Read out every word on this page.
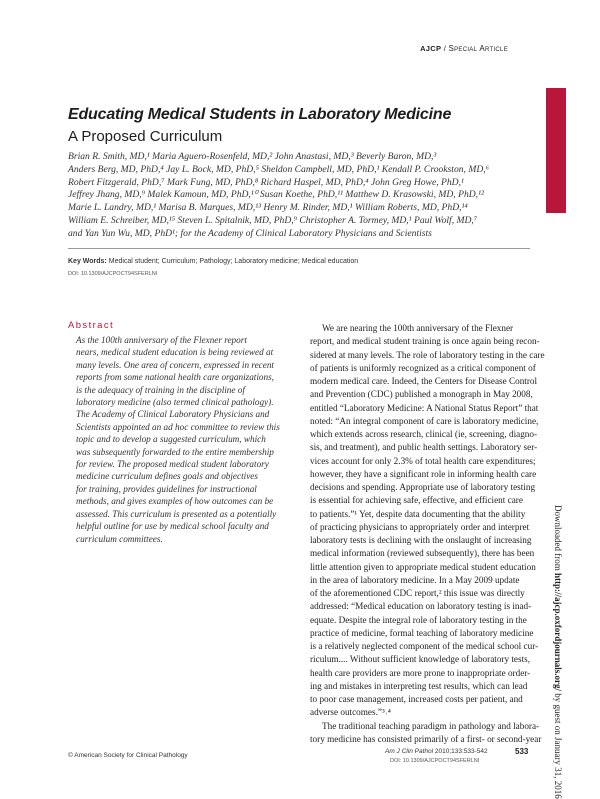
AJCP / Special Article
Educating Medical Students in Laboratory Medicine
A Proposed Curriculum

Brian R. Smith, MD,¹ Maria Aguero-Rosenfeld, MD,² John Anastasi, MD,³ Beverly Baron, MD,³

Anders Berg, MD, PhD,⁴ Jay L. Bock, MD, PhD,⁵ Sheldon Campbell, MD, PhD,¹ Kendall P. Crookston, MD,⁶

Robert Fitzgerald, PhD,⁷ Mark Fung, MD, PhD,⁸ Richard Haspel, MD, PhD,⁴ John Greg Howe, PhD,¹

Jeffrey Jhang, MD,⁹ Malek Kamoun, MD, PhD,¹⁰ Susan Koethe, PhD,¹¹ Matthew D. Krasowski, MD, PhD,¹²

Marie L. Landry, MD,¹ Marisa B. Marques, MD,¹³ Henry M. Rinder, MD,¹ William Roberts, MD, PhD,¹⁴

William E. Schreiber, MD,¹⁵ Steven L. Spitalnik, MD, PhD,⁹ Christopher A. Tormey, MD,¹ Paul Wolf, MD,⁷

and Yan Yun Wu, MD, PhD¹; for the Academy of Clinical Laboratory Physicians and Scientists

Key Words: Medical student; Curriculum; Pathology; Laboratory medicine; Medical education
DOI: 10.1309/AJCPOCT94SFERLNI
Abstract

As the 100th anniversary of the Flexner report

nears, medical student education is being reviewed at

many levels. One area of concern, expressed in recent

reports from some national health care organizations,

is the adequacy of training in the discipline of

laboratory medicine (also termed clinical pathology).

The Academy of Clinical Laboratory Physicians and

Scientists appointed an ad hoc committee to review this

topic and to develop a suggested curriculum, which

was subsequently forwarded to the entire membership

for review. The proposed medical student laboratory

medicine curriculum defines goals and objectives

for training, provides guidelines for instructional

methods, and gives examples of how outcomes can be

assessed. This curriculum is presented as a potentially

helpful outline for use by medical school faculty and

curriculum committees.

We are nearing the 100th anniversary of the Flexner

report, and medical student training is once again being recon-

sidered at many levels. The role of laboratory testing in the care

of patients is uniformly recognized as a critical component of

modern medical care. Indeed, the Centers for Disease Control

and Prevention (CDC) published a monograph in May 2008,

entitled “Laboratory Medicine: A National Status Report” that

noted: “An integral component of care is laboratory medicine,

which extends across research, clinical (ie, screening, diagno-

sis, and treatment), and public health settings. Laboratory ser-

vices account for only 2.3% of total health care expenditures;

however, they have a significant role in informing health care

decisions and spending. Appropriate use of laboratory testing

is essential for achieving safe, effective, and efficient care

to patients.”¹ Yet, despite data documenting that the ability

of practicing physicians to appropriately order and interpret

laboratory tests is declining with the onslaught of increasing

medical information (reviewed subsequently), there has been

little attention given to appropriate medical student education

in the area of laboratory medicine. In a May 2009 update

of the aforementioned CDC report,² this issue was directly

addressed: “Medical education on laboratory testing is inad-

equate. Despite the integral role of laboratory testing in the

practice of medicine, formal teaching of laboratory medicine

is a relatively neglected component of the medical school cur-

riculum.... Without sufficient knowledge of laboratory tests,

health care providers are more prone to inappropriate order-

ing and mistakes in interpreting test results, which can lead

to poor case management, increased costs per patient, and

adverse outcomes.”³˒⁴

The traditional teaching paradigm in pathology and labora-

tory medicine has consisted primarily of a first- or second-year

Downloaded from http://ajcp.oxfordjournals.org/ by guest on January 31, 2016
© American Society for Clinical Pathology
Am J Clin Pathol 2010;133:533-542	533
DOI: 10.1309/AJCPOCT94SFERLNI
